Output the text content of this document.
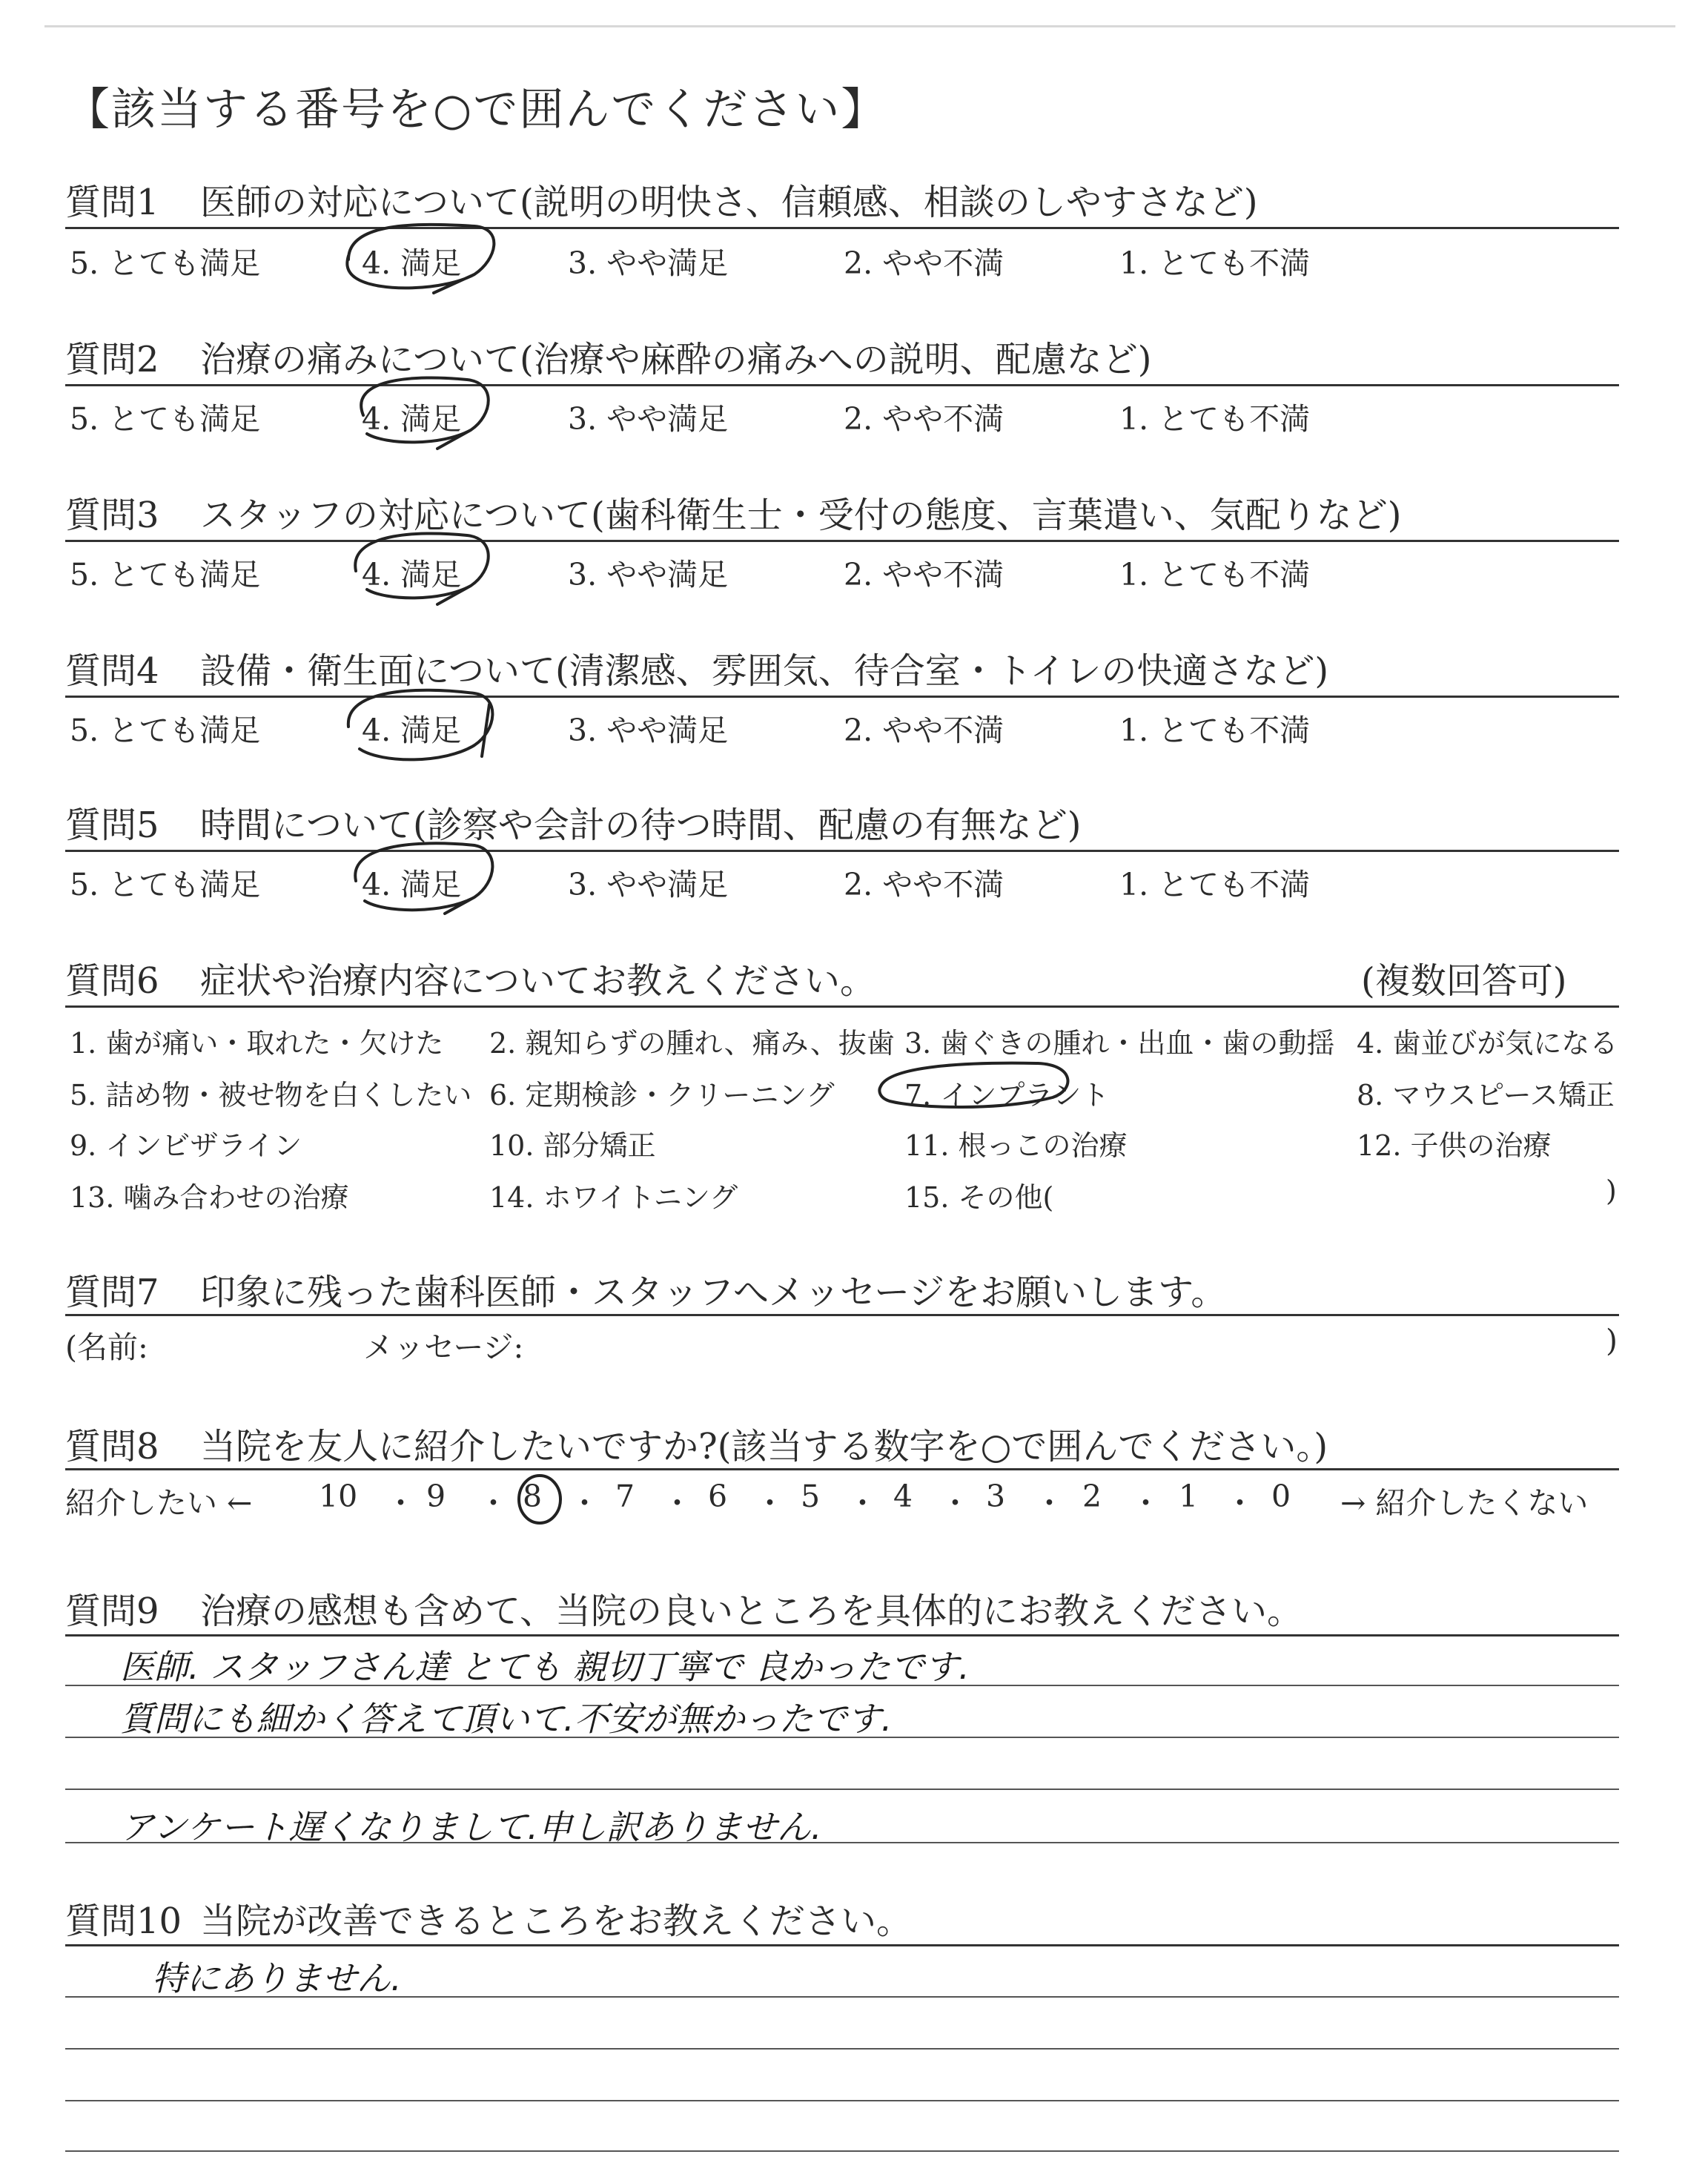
【該当する番号を○で囲んでください】
質問1 医師の対応について(説明の明快さ、信頼感、相談のしやすさなど)
5. とても満足	4. 満足	3. やや満足	2. やや不満	1. とても不満
質問2 治療の痛みについて(治療や麻酔の痛みへの説明、配慮など)
5. とても満足	4. 満足	3. やや満足	2. やや不満	1. とても不満
質問3 スタッフの対応について(歯科衛生士・受付の態度、言葉遣い、気配りなど)
5. とても満足	4. 満足	3. やや満足	2. やや不満	1. とても不満
質問4 設備・衛生面について(清潔感、雰囲気、待合室・トイレの快適さなど)
5. とても満足	4. 満足	3. やや満足	2. やや不満	1. とても不満
質問5 時間について(診察や会計の待つ時間、配慮の有無など)
5. とても満足	4. 満足	3. やや満足	2. やや不満	1. とても不満
質問6 症状や治療内容についてお教えください。	(複数回答可)
1. 歯が痛い・取れた・欠けた 2. 親知らずの腫れ、痛み、抜歯 3. 歯ぐきの腫れ・出血・歯の動揺 4. 歯並びが気になる
5. 詰め物・被せ物を白くしたい 6. 定期検診・クリーニング 7. インプラント	8. マウスピース矯正
9. インビザライン	10. 部分矯正	11. 根っこの治療	12. 子供の治療
13. 噛み合わせの治療	14. ホワイトニング	15. その他(	)
質問7 印象に残った歯科医師・スタッフへメッセージをお願いします。
(名前:	メッセージ:	)
質問8 当院を友人に紹介したいですか?(該当する数字を○で囲んでください。)
紹介したい ←	→ 紹介したくない
10 9	8 7 6 5 4 3	2	1 0
・ ・ ・ ・ ・ ・ ・ ・ ・ ・
質問9 治療の感想も含めて、当院の良いところを具体的にお教えください。
医師. スタッフさん達 とても 親切丁寧で 良かったです.
質問にも細かく答えて頂いて.不安が無かったです.
アンケート遅くなりまして.申し訳ありません.
質問10 当院が改善できるところをお教えください。
特にありません.
